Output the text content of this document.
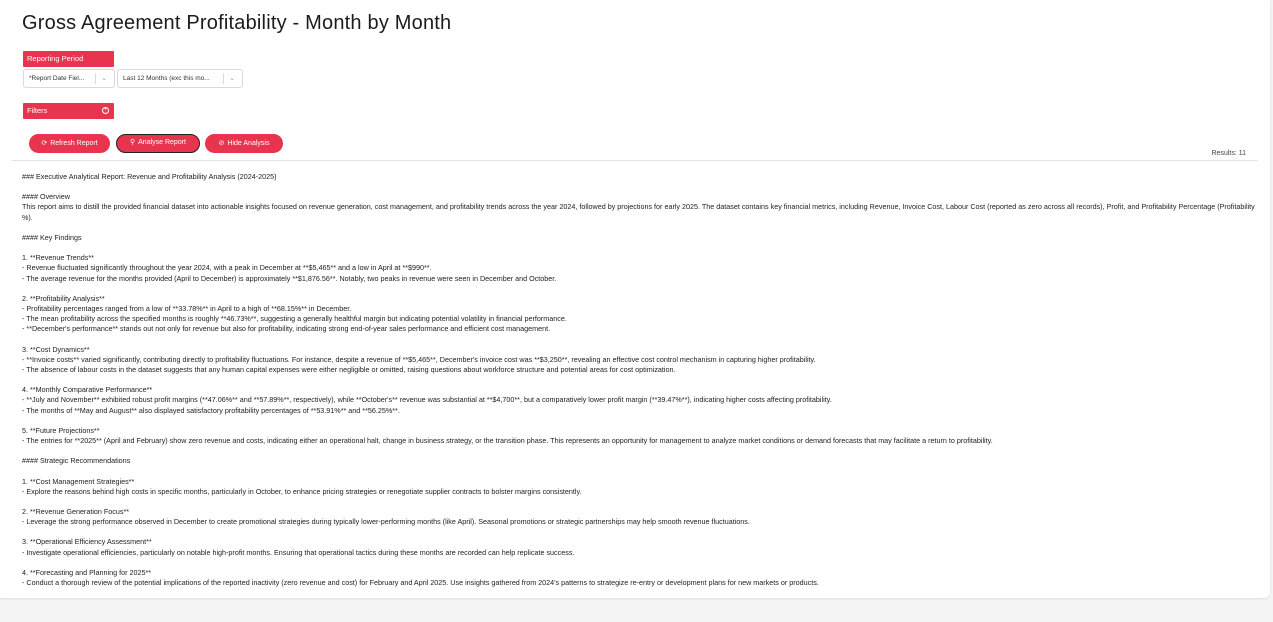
Gross Agreement Profitability - Month by Month
Reporting Period
*Report Date Fiel...	⌄	Last 12 Months (exc this mo...	⌄
Filters	+
⟳ Refresh Report	⚲ Analyse Report	⊘ Hide Analysis
Results: 11
### Executive Analytical Report: Revenue and Profitability Analysis (2024-2025)
#### Overview
This report aims to distill the provided financial dataset into actionable insights focused on revenue generation, cost management, and profitability trends across the year 2024, followed by projections for early 2025. The dataset contains key financial metrics, including Revenue, Invoice Cost, Labour Cost (reported as zero across all records), Profit, and Profitability Percentage (Profitability %).
#### Key Findings
1. **Revenue Trends**
- Revenue fluctuated significantly throughout the year 2024, with a peak in December at **$5,465** and a low in April at **$990**.
- The average revenue for the months provided (April to December) is approximately **$1,876.56**. Notably, two peaks in revenue were seen in December and October.
2. **Profitability Analysis**
- Profitability percentages ranged from a low of **33.78%** in April to a high of **68.15%** in December.
- The mean profitability across the specified months is roughly **46.73%**, suggesting a generally healthful margin but indicating potential volatility in financial performance.
- **December's performance** stands out not only for revenue but also for profitability, indicating strong end-of-year sales performance and efficient cost management.
3. **Cost Dynamics**
- **Invoice costs** varied significantly, contributing directly to profitability fluctuations. For instance, despite a revenue of **$5,465**, December's invoice cost was **$3,250**, revealing an effective cost control mechanism in capturing higher profitability.
- The absence of labour costs in the dataset suggests that any human capital expenses were either negligible or omitted, raising questions about workforce structure and potential areas for cost optimization.
4. **Monthly Comparative Performance**
- **July and November** exhibited robust profit margins (**47.06%** and **57.89%**, respectively), while **October's** revenue was substantial at **$4,700**, but a comparatively lower profit margin (**39.47%**), indicating higher costs affecting profitability.
- The months of **May and August** also displayed satisfactory profitability percentages of **53.91%** and **56.25%**.
5. **Future Projections**
- The entries for **2025** (April and February) show zero revenue and costs, indicating either an operational halt, change in business strategy, or the transition phase. This represents an opportunity for management to analyze market conditions or demand forecasts that may facilitate a return to profitability.
#### Strategic Recommendations
1. **Cost Management Strategies**
- Explore the reasons behind high costs in specific months, particularly in October, to enhance pricing strategies or renegotiate supplier contracts to bolster margins consistently.
2. **Revenue Generation Focus**
- Leverage the strong performance observed in December to create promotional strategies during typically lower-performing months (like April). Seasonal promotions or strategic partnerships may help smooth revenue fluctuations.
3. **Operational Efficiency Assessment**
- Investigate operational efficiencies, particularly on notable high-profit months. Ensuring that operational tactics during these months are recorded can help replicate success.
4. **Forecasting and Planning for 2025**
- Conduct a thorough review of the potential implications of the reported inactivity (zero revenue and cost) for February and April 2025. Use insights gathered from 2024's patterns to strategize re-entry or development plans for new markets or products.
